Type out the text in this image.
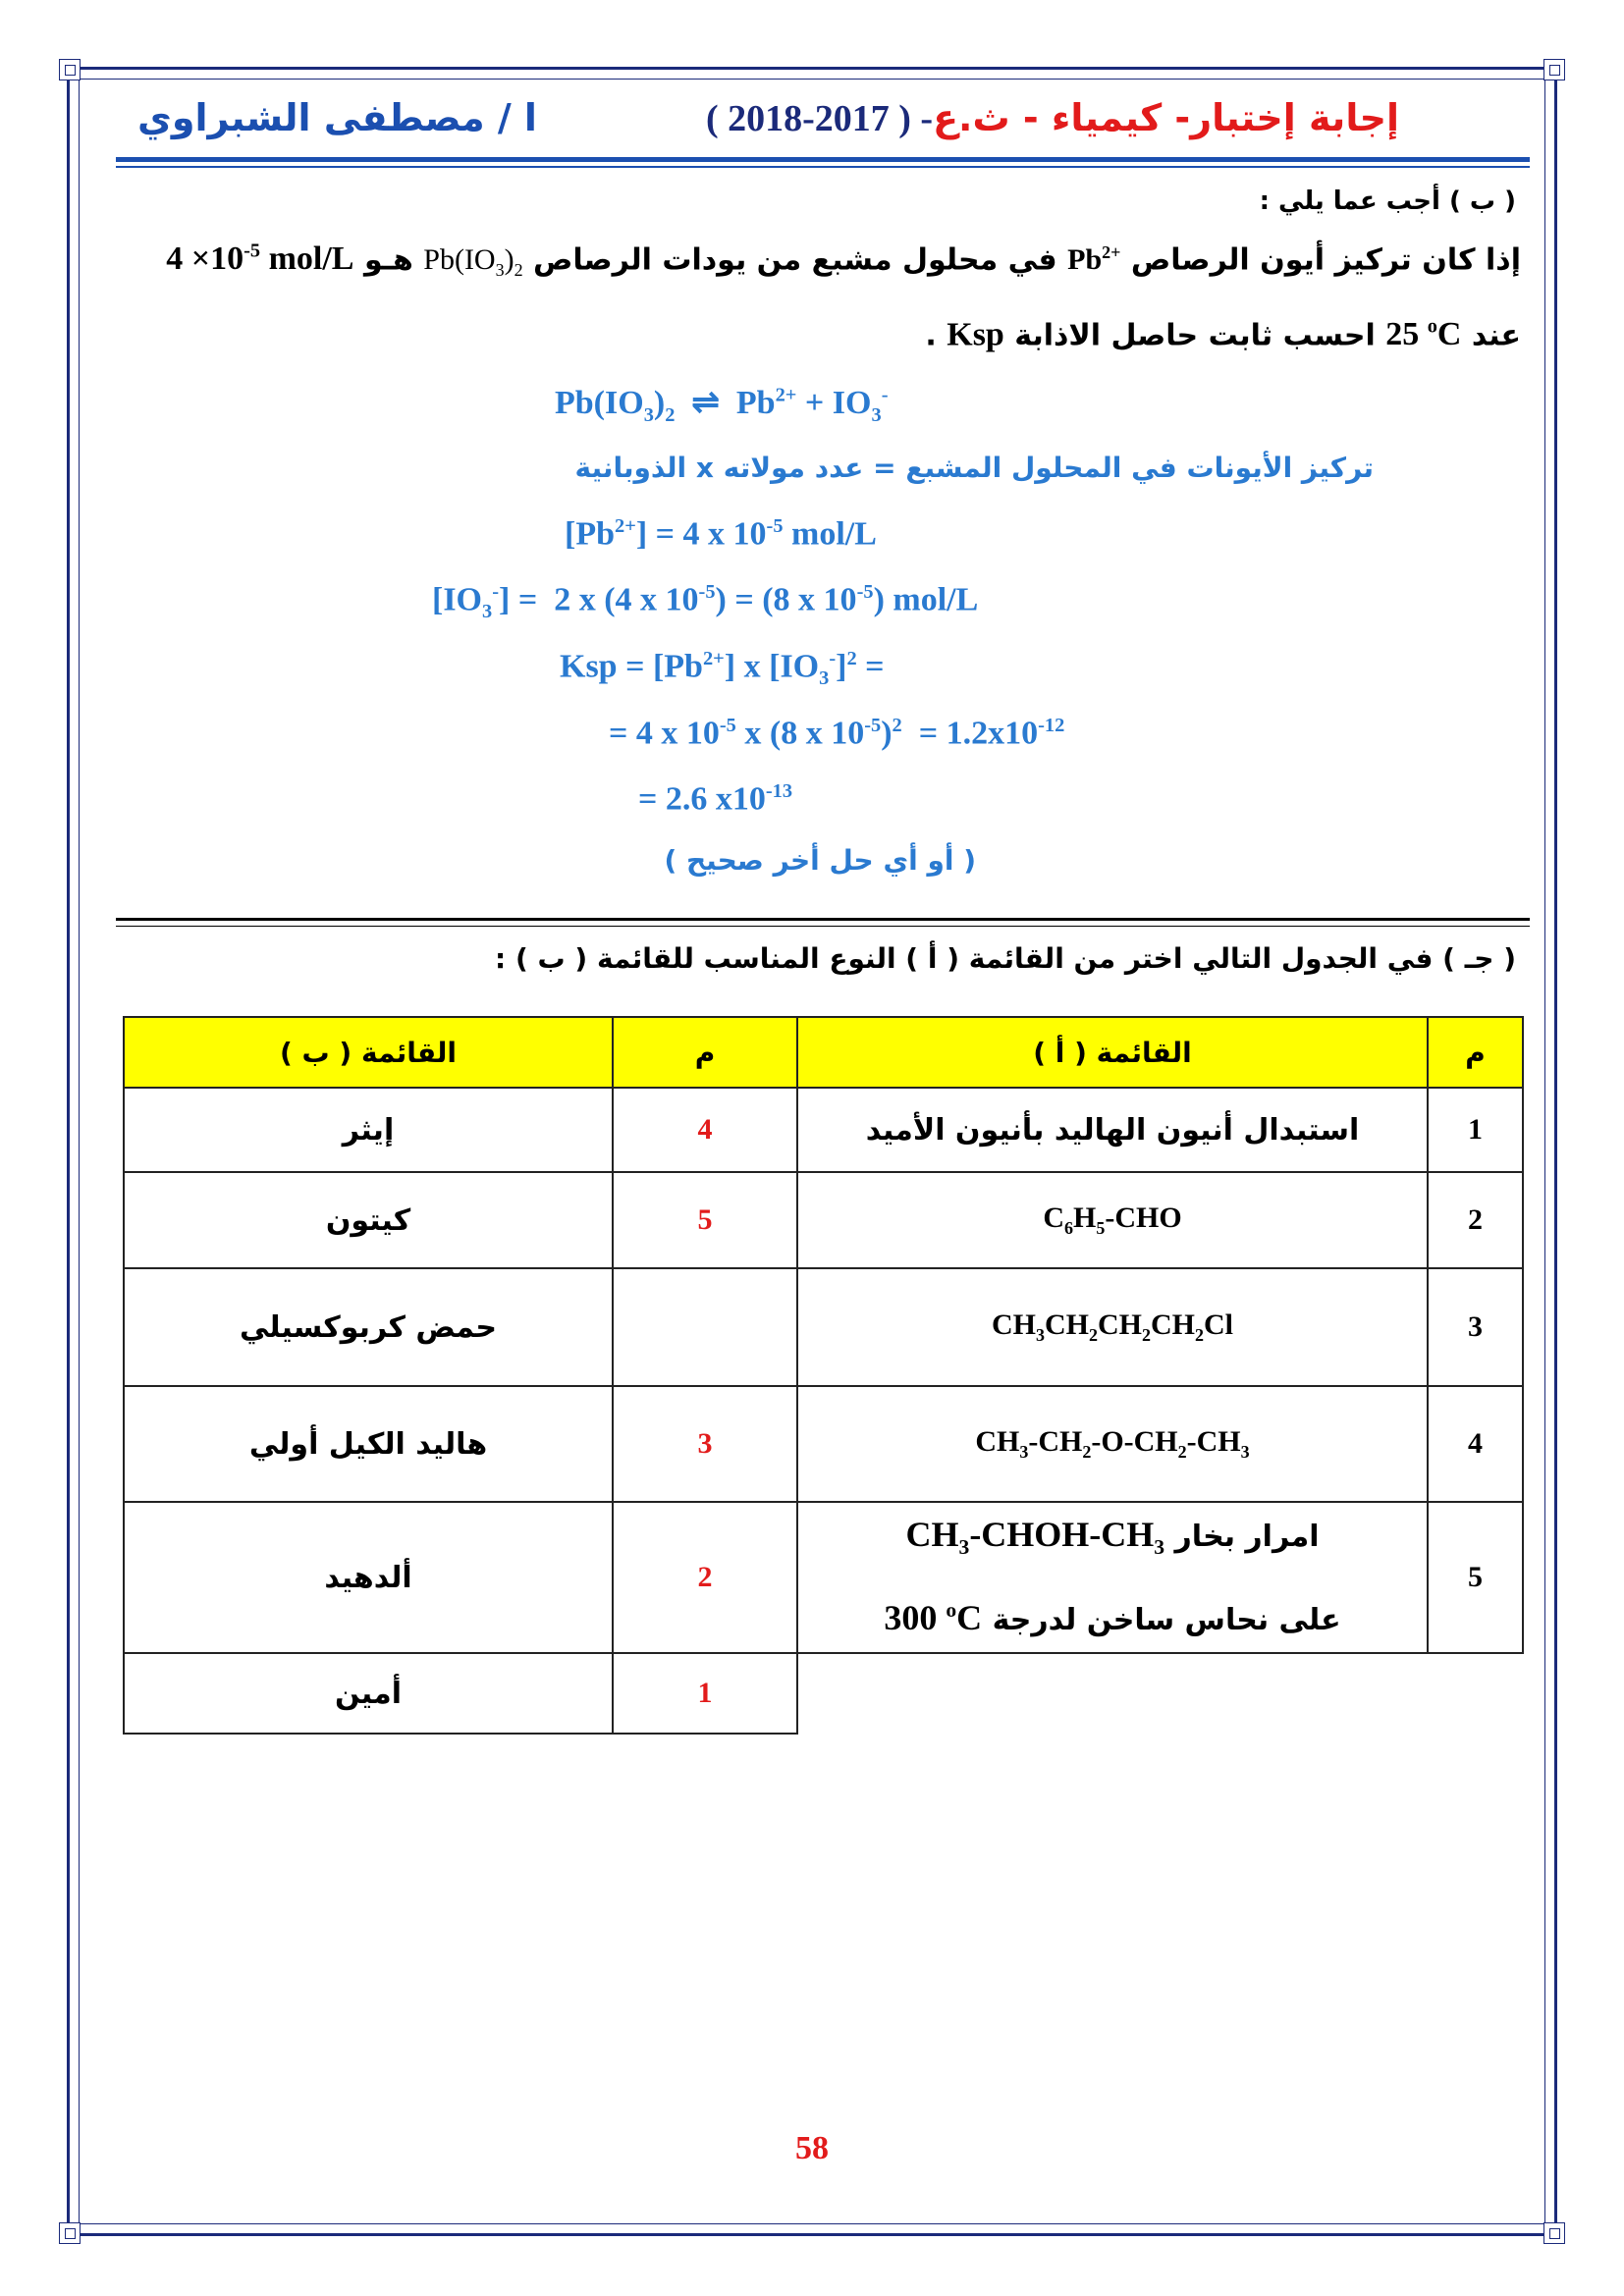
إجابة إختبار- كيمياء - ث.ع- ( 2017-2018 )
ا / مصطفى الشبراوي
( ب ) أجب عما يلي :
إذا كان تركيز أيون الرصاص $Pb^{2+}$ في محلول مشبع من يودات الرصاص $Pb(IO_3)_2$ هـو $4 \times 10^{-5}$ mol/L
عند 25 $^o$C احسب ثابت حاصل الاذابة Ksp .
$Pb(IO_3)_2$  ⇌  $Pb^{2+} + IO_3^-$
تركيز الأيونات في المحلول المشبع = عدد مولاته x الذوبانية
$[Pb^{2+}] = 4$ x $10^{-5}$ mol/L
$[IO_3^-] = 2$ x (4 x $10^{-5}) = (8$ x $10^{-5}$) mol/L
Ksp = $[Pb^{2+}]$ x $[IO_3^-]^2$ =
= 4 x $10^{-5}$ x (8 x $10^{-5})^2 = 1.2x10^{-12}$
= 2.6 $x10^{-13}$
( أو أي حل أخر صحيح )
( جـ ) في الجدول التالي اختر من القائمة ( أ ) النوع المناسب للقائمة ( ب ) :
القائمة ( ب )	م	القائمة ( أ )	م
إيثر	4	استبدال أنيون الهاليد بأنيون الأميد	1
كيتون	5	$C_6H_5$-CHO	2
حمض كربوكسيلي		$CH_3CH_2CH_2CH_2Cl$	3
هاليد الكيل أولي	3	$CH_3-CH_2-O-CH_2-CH_3$	4
ألدهيد	2	امرار بخار $CH_3-CHOH-CH_3$
على نحاس ساخن لدرجة 300 $^o$C	5
أمين	1		
58
